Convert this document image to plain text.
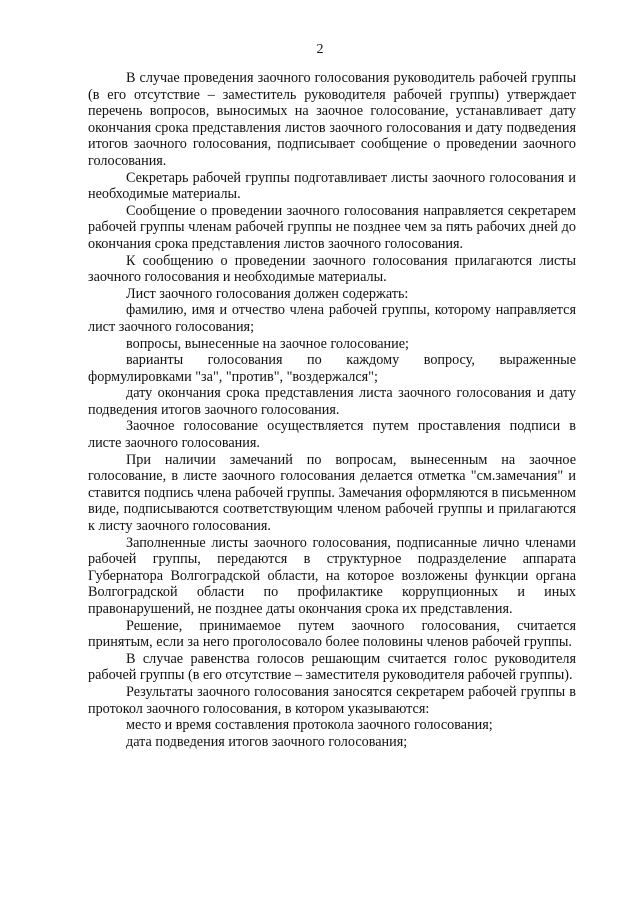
2

В случае проведения заочного голосования руководитель рабочей группы (в его отсутствие – заместитель руководителя рабочей группы) утверждает перечень вопросов, выносимых на заочное голосование, устанавливает дату окончания срока представления листов заочного голосования и дату подведения итогов заочного голосования, подписывает сообщение о проведении заочного голосования.

Секретарь рабочей группы подготавливает листы заочного голосования и необходимые материалы.

Сообщение о проведении заочного голосования направляется секретарем рабочей группы членам рабочей группы не позднее чем за пять рабочих дней до окончания срока представления листов заочного голосования.

К сообщению о проведении заочного голосования прилагаются листы заочного голосования и необходимые материалы.

Лист заочного голосования должен содержать:

фамилию, имя и отчество члена рабочей группы, которому направляется лист заочного голосования;

вопросы, вынесенные на заочное голосование;

варианты голосования по каждому вопросу, выраженные формулировками "за", "против", "воздержался";

дату окончания срока представления листа заочного голосования и дату подведения итогов заочного голосования.

Заочное голосование осуществляется путем проставления подписи в листе заочного голосования.

При наличии замечаний по вопросам, вынесенным на заочное голосование, в листе заочного голосования делается отметка "см.замечания" и ставится подпись члена рабочей группы. Замечания оформляются в письменном виде, подписываются соответствующим членом рабочей группы и прилагаются к листу заочного голосования.

Заполненные листы заочного голосования, подписанные лично членами рабочей группы, передаются в структурное подразделение аппарата Губернатора Волгоградской области, на которое возложены функции органа Волгоградской области по профилактике коррупционных и иных правонарушений, не позднее даты окончания срока их представления.

Решение, принимаемое путем заочного голосования, считается принятым, если за него проголосовало более половины членов рабочей группы.

В случае равенства голосов решающим считается голос руководителя рабочей группы (в его отсутствие – заместителя руководителя рабочей группы).

Результаты заочного голосования заносятся секретарем рабочей группы в протокол заочного голосования, в котором указываются:

место и время составления протокола заочного голосования;

дата подведения итогов заочного голосования;
